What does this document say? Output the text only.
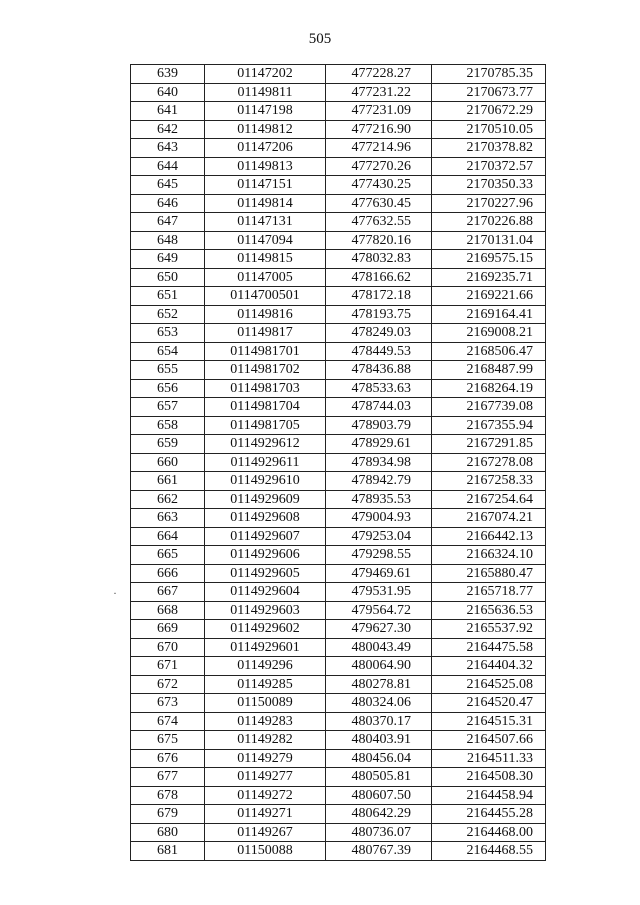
505
·
639	01147202	477228.27	2170785.35
640	01149811	477231.22	2170673.77
641	01147198	477231.09	2170672.29
642	01149812	477216.90	2170510.05
643	01147206	477214.96	2170378.82
644	01149813	477270.26	2170372.57
645	01147151	477430.25	2170350.33
646	01149814	477630.45	2170227.96
647	01147131	477632.55	2170226.88
648	01147094	477820.16	2170131.04
649	01149815	478032.83	2169575.15
650	01147005	478166.62	2169235.71
651	0114700501	478172.18	2169221.66
652	01149816	478193.75	2169164.41
653	01149817	478249.03	2169008.21
654	0114981701	478449.53	2168506.47
655	0114981702	478436.88	2168487.99
656	0114981703	478533.63	2168264.19
657	0114981704	478744.03	2167739.08
658	0114981705	478903.79	2167355.94
659	0114929612	478929.61	2167291.85
660	0114929611	478934.98	2167278.08
661	0114929610	478942.79	2167258.33
662	0114929609	478935.53	2167254.64
663	0114929608	479004.93	2167074.21
664	0114929607	479253.04	2166442.13
665	0114929606	479298.55	2166324.10
666	0114929605	479469.61	2165880.47
667	0114929604	479531.95	2165718.77
668	0114929603	479564.72	2165636.53
669	0114929602	479627.30	2165537.92
670	0114929601	480043.49	2164475.58
671	01149296	480064.90	2164404.32
672	01149285	480278.81	2164525.08
673	01150089	480324.06	2164520.47
674	01149283	480370.17	2164515.31
675	01149282	480403.91	2164507.66
676	01149279	480456.04	2164511.33
677	01149277	480505.81	2164508.30
678	01149272	480607.50	2164458.94
679	01149271	480642.29	2164455.28
680	01149267	480736.07	2164468.00
681	01150088	480767.39	2164468.55
